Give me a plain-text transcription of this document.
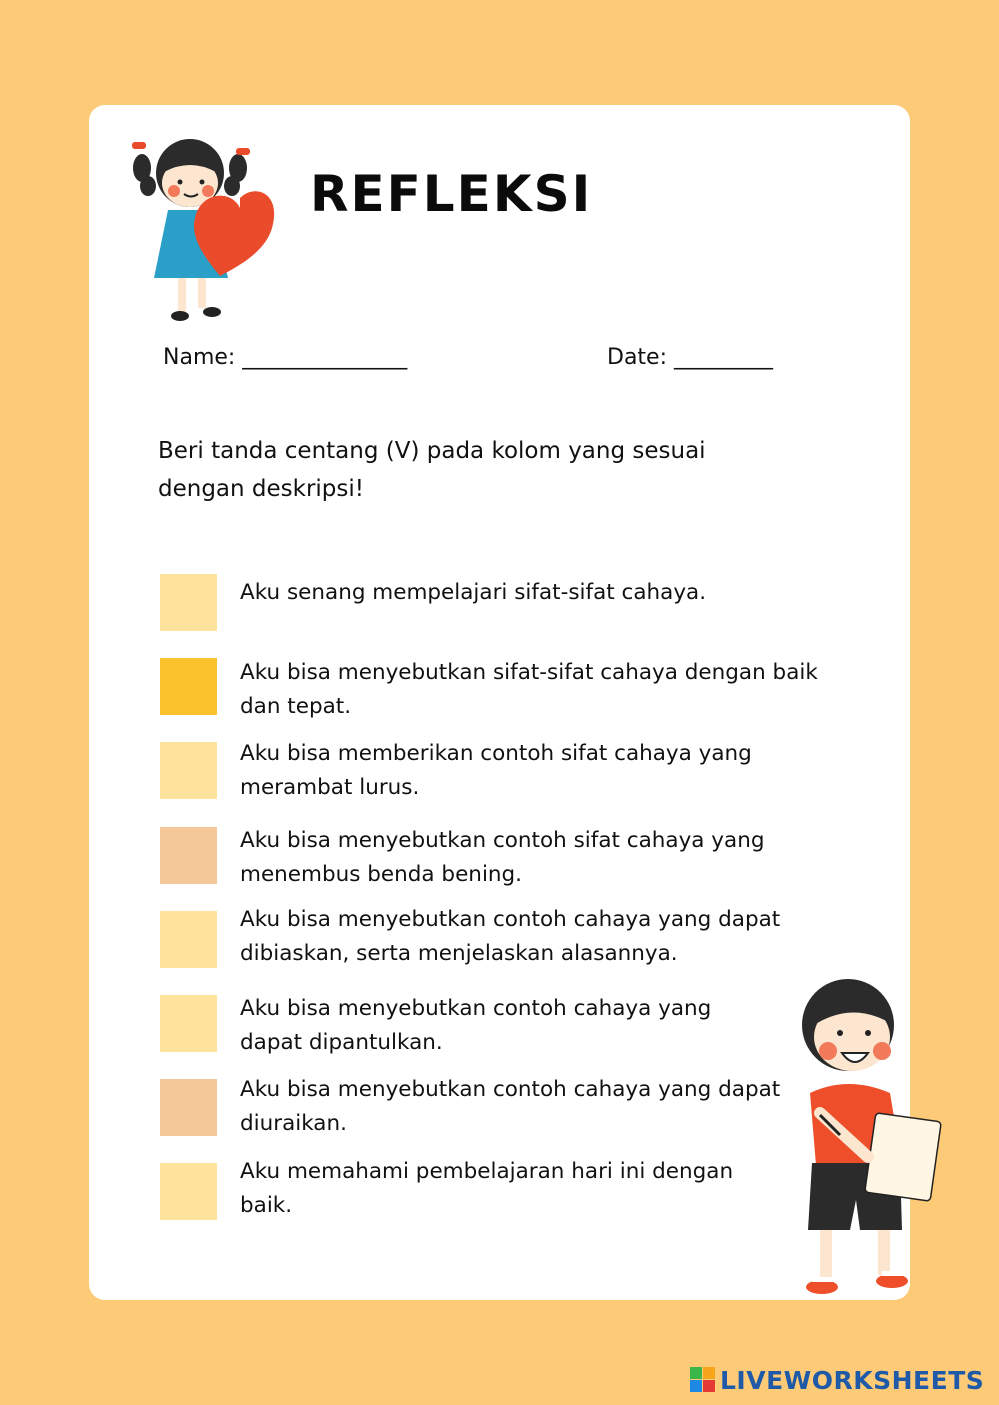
REFLEKSI
Name: _______________	Date: _________
Beri tanda centang (V) pada kolom yang sesuai dengan deskripsi!
Aku senang mempelajari sifat-sifat cahaya.
Aku bisa menyebutkan sifat-sifat cahaya dengan baik dan tepat.
Aku bisa memberikan contoh sifat cahaya yang merambat lurus.
Aku bisa menyebutkan contoh sifat cahaya yang menembus benda bening.
Aku bisa menyebutkan contoh cahaya yang dapat dibiaskan, serta menjelaskan alasannya.
Aku bisa menyebutkan contoh cahaya yang dapat dipantulkan.
Aku bisa menyebutkan contoh cahaya yang dapat diuraikan.
Aku memahami pembelajaran hari ini dengan baik.
LIVEWORKSHEETS
